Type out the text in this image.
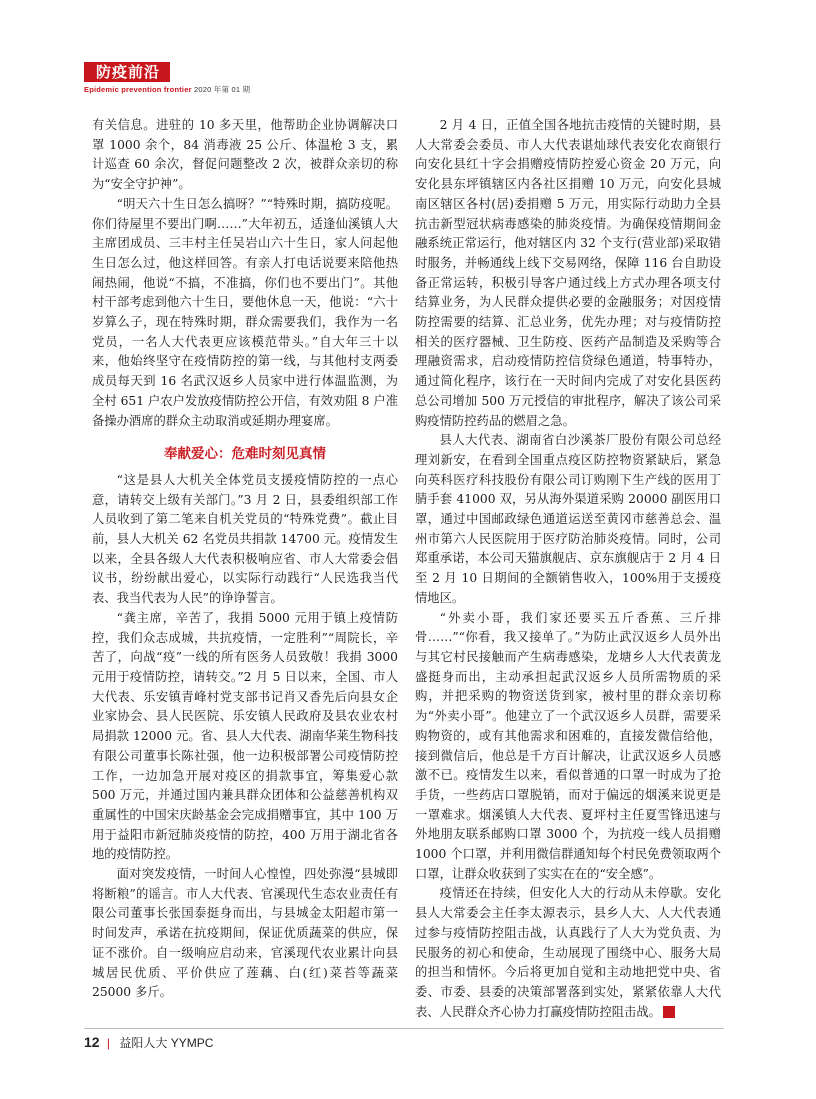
防疫前沿
Epidemic prevention frontier 2020 年第 01 期

有关信息。进驻的 10 多天里，他帮助企业协调解决口罩 1000 余个，84 消毒液 25 公斤、体温枪 3 支，累计巡查 60 余次，督促问题整改 2 次，被群众亲切的称为“安全守护神”。

“明天六十生日怎么搞呀？”“特殊时期，搞防疫呢。你们待屋里不要出门啊……”大年初五，适逢仙溪镇人大主席团成员、三丰村主任吴岩山六十生日，家人问起他生日怎么过，他这样回答。有亲人打电话说要来陪他热闹热闹，他说“不搞，不准搞，你们也不要出门”。其他村干部考虑到他六十生日，要他休息一天，他说：“六十岁算么子，现在特殊时期，群众需要我们，我作为一名党员，一名人大代表更应该模范带头。”自大年三十以来，他始终坚守在疫情防控的第一线，与其他村支两委成员每天到 16 名武汉返乡人员家中进行体温监测，为全村 651 户农户发放疫情防控公开信，有效劝阻 8 户准备操办酒席的群众主动取消或延期办理宴席。

奉献爱心：危难时刻见真情

“这是县人大机关全体党员支援疫情防控的一点心意，请转交上级有关部门。”3 月 2 日，县委组织部工作人员收到了第二笔来自机关党员的“特殊党费”。截止目前，县人大机关 62 名党员共捐款 14700 元。疫情发生以来，全县各级人大代表积极响应省、市人大常委会倡议书，纷纷献出爱心，以实际行动践行“人民选我当代表、我当代表为人民”的诤诤誓言。

“龚主席，辛苦了，我捐 5000 元用于镇上疫情防控，我们众志成城，共抗疫情，一定胜利”“周院长，辛苦了，向战“疫”一线的所有医务人员致敬！我捐 3000 元用于疫情防控，请转交。”2 月 5 日以来，全国、市人大代表、乐安镇青峰村党支部书记肖又香先后向县女企业家协会、县人民医院、乐安镇人民政府及县农业农村局捐款 12000 元。省、县人大代表、湖南华莱生物科技有限公司董事长陈社强，他一边积极部署公司疫情防控工作，一边加急开展对疫区的捐款事宜，筹集爱心款 500 万元，并通过国内兼具群众团体和公益慈善机构双重属性的中国宋庆龄基金会完成捐赠事宜，其中 100 万用于益阳市新冠肺炎疫情的防控，400 万用于湖北省各地的疫情防控。

面对突发疫情，一时间人心惶惶，四处弥漫“县城即将断粮”的谣言。市人大代表、官溪现代生态农业责任有限公司董事长张国泰挺身而出，与县城金太阳超市第一时间发声，承诺在抗疫期间，保证优质蔬菜的供应，保证不涨价。自一级响应启动来，官溪现代农业累计向县城居民优质、平价供应了莲藕、白(红)菜苔等蔬菜 25000 多斤。

2 月 4 日，正值全国各地抗击疫情的关键时期，县人大常委会委员、市人大代表谌灿球代表安化农商银行向安化县红十字会捐赠疫情防控爱心资金 20 万元，向安化县东坪镇辖区内各社区捐赠 10 万元，向安化县城南区辖区各村(居)委捐赠 5 万元，用实际行动助力全县抗击新型冠状病毒感染的肺炎疫情。为确保疫情期间金融系统正常运行，他对辖区内 32 个支行(营业部)采取错时服务，并畅通线上线下交易网络，保障 116 台自助设备正常运转，积极引导客户通过线上方式办理各项支付结算业务，为人民群众提供必要的金融服务；对因疫情防控需要的结算、汇总业务，优先办理；对与疫情防控相关的医疗器械、卫生防疫、医药产品制造及采购等合理融资需求，启动疫情防控信贷绿色通道，特事特办，通过简化程序，该行在一天时间内完成了对安化县医药总公司增加 500 万元授信的审批程序，解决了该公司采购疫情防控药品的燃眉之急。

县人大代表、湖南省白沙溪茶厂股份有限公司总经理刘新安，在看到全国重点疫区防控物资紧缺后，紧急向英科医疗科技股份有限公司订购刚下生产线的医用丁腈手套 41000 双，另从海外渠道采购 20000 副医用口罩，通过中国邮政绿色通道运送至黄冈市慈善总会、温州市第六人民医院用于医疗防治肺炎疫情。同时，公司郑重承诺，本公司天猫旗舰店、京东旗舰店于 2 月 4 日至 2 月 10 日期间的全额销售收入，100%用于支援疫情地区。

“外卖小哥，我们家还要买五斤香蕉、三斤排骨……”“你看，我又接单了。”为防止武汉返乡人员外出与其它村民接触而产生病毒感染，龙塘乡人大代表黄龙盛挺身而出，主动承担起武汉返乡人员所需物质的采购，并把采购的物资送货到家，被村里的群众亲切称为“外卖小哥”。他建立了一个武汉返乡人员群，需要采购物资的，或有其他需求和困难的，直接发微信给他，接到微信后，他总是千方百计解决，让武汉返乡人员感激不已。疫情发生以来，看似普通的口罩一时成为了抢手货，一些药店口罩脱销，而对于偏远的烟溪来说更是一罩难求。烟溪镇人大代表、夏坪村主任夏雪锋迅速与外地朋友联系邮购口罩 3000 个，为抗疫一线人员捐赠 1000 个口罩，并利用微信群通知每个村民免费领取两个口罩，让群众收获到了实实在在的“安全感”。

疫情还在持续，但安化人大的行动从未停歇。安化县人大常委会主任李太源表示，县乡人大、人大代表通过参与疫情防控阻击战，认真践行了人大为党负责、为民服务的初心和使命，生动展现了围绕中心、服务大局的担当和情怀。今后将更加自觉和主动地把党中央、省委、市委、县委的决策部署落到实处，紧紧依靠人大代表、人民群众齐心协力打赢疫情防控阻击战。	文

12 | 益阳人大 YYMPC
